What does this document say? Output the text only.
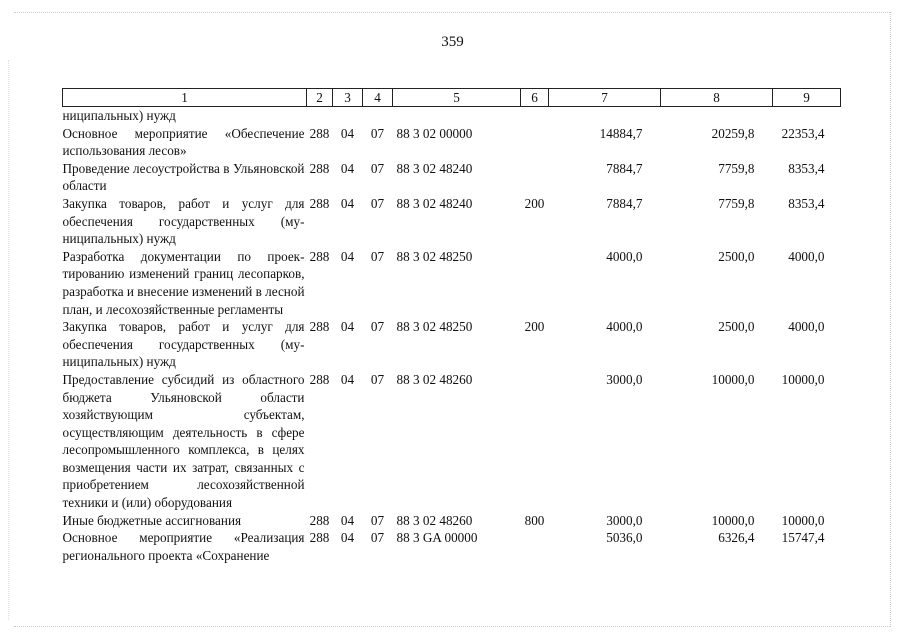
359
1	2	3	4	5	6	7	8	9
ниципальных) нужд								
Основное мероприятие «Обеспечение использования лесов»	288	04	07	88 3 02 00000		14884,7	20259,8	22353,4
Проведение лесоустройства в Ульяновской области	288	04	07	88 3 02 48240		7884,7	7759,8	8353,4
Закупка товаров, работ и услуг для обеспечения государственных (муниципальных) нужд	288	04	07	88 3 02 48240	200	7884,7	7759,8	8353,4
Разработка документации по проектированию изменений границ лесопарков, разработка и внесение изменений в лесной план, и лесохозяйственные регламенты	288	04	07	88 3 02 48250		4000,0	2500,0	4000,0
Закупка товаров, работ и услуг для обеспечения государственных (муниципальных) нужд	288	04	07	88 3 02 48250	200	4000,0	2500,0	4000,0
Предоставление субсидий из областного бюджета Ульяновской области хозяйствующим субъектам, осуществляющим деятельность в сфере лесопромышленного комплекса, в целях возмещения части их затрат, связанных с приобретением лесохозяйственной техники и (или) оборудования	288	04	07	88 3 02 48260		3000,0	10000,0	10000,0
Иные бюджетные ассигнования	288	04	07	88 3 02 48260	800	3000,0	10000,0	10000,0
Основное мероприятие «Реализация регионального проекта «Сохранение	288	04	07	88 3 GA 00000		5036,0	6326,4	15747,4
